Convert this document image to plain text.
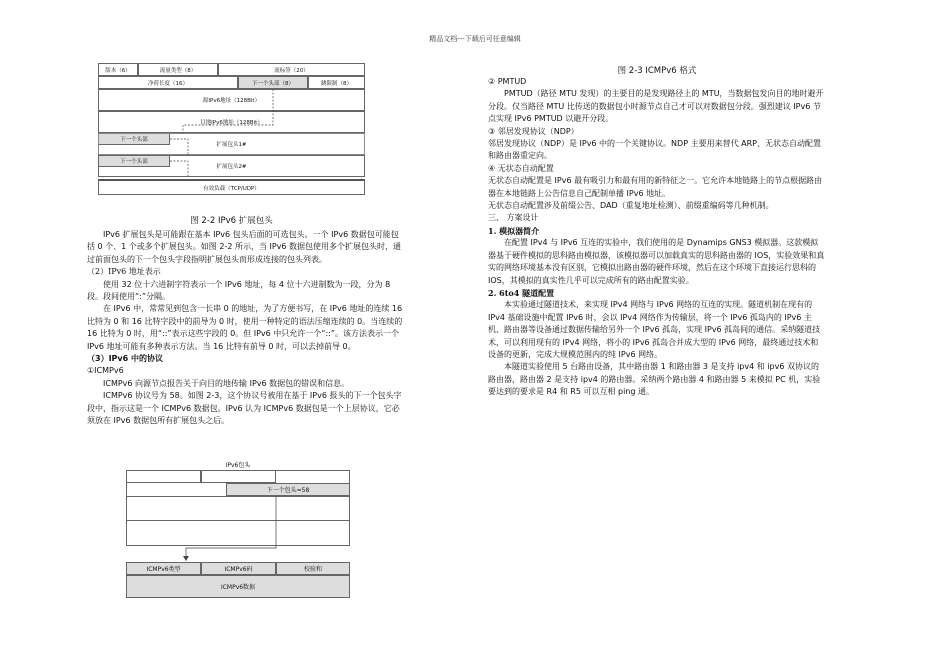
精品文档---下载后可任意编辑
版本（6）	流量类型（8）	流标签（20）
净荷长度（16）	下一个头部（8）	跳限制（8）
源IPv6地址（128Bit）
目地IPv6地址（128Bit）
下一个头部
扩展包头1#
下一个头部
扩展包头2#
有效负载（TCP/UDP）
图 2-2 IPv6 扩展包头

IPv6 扩展包头是可能跟在基本 IPv6 包头后面的可选包头。一个 IPv6 数据包可能包括 0 个、1 个或多个扩展包头。如图 2-2 所示，当 IPv6 数据包使用多个扩展包头时，通过前面包头的下一个包头字段指明扩展包头而形成连接的包头列表。

（2）IPv6 地址表示

使用 32 位十六进制字符表示一个 IPv6 地址，每 4 位十六进制数为一段，分为 8 段。段间使用“:”分隔。

在 IPv6 中，常常见到包含一长串 0 的地址，为了方便书写，在 IPv6 地址的连续 16 比特为 0 和 16 比特字段中的前导为 0 时，使用一种特定的语法压缩连续的 0。当连续的 16 比特为 0 时，用“::”表示这些字段的 0。但 IPv6 中只允许一个“::”。该方法表示一个 IPv6 地址可能有多种表示方法。当 16 比特有前导 0 时，可以去掉前导 0。

（3）IPv6 中的协议

①ICMPv6

ICMPv6 向源节点报告关于向目的地传输 IPv6 数据包的错误和信息。

ICMPv6 协议号为 58。如图 2-3，这个协议号被用在基于 IPv6 报头的下一个包头字段中，指示这是一个 ICMPv6 数据包。IPv6 认为 ICMPv6 数据包是一个上层协议，它必须放在 IPv6 数据包所有扩展包头之后。

IPv6包头
下一个包头=58
ICMPv6类型	ICMPv6码	校验和
ICMPv6数据
图 2-3 ICMPv6 格式

② PMTUD

PMTUD（路径 MTU 发现）的主要目的是发现路径上的 MTU，当数据包发向目的地时避开分段。仅当路径 MTU 比传送的数据包小时源节点自己才可以对数据包分段。强烈建议 IPv6 节点实现 IPv6 PMTUD 以避开分段。

③ 邻居发现协议（NDP）

邻居发现协议（NDP）是 IPv6 中的一个关键协议。NDP 主要用来替代 ARP、无状态自动配置和路由器重定向。

④ 无状态自动配置

无状态自动配置是 IPv6 最有吸引力和最有用的新特征之一。它允许本地链路上的节点根据路由器在本地链路上公告信息自己配制单播 IPv6 地址。

无状态自动配置涉及前缀公告、DAD（重复地址检测）、前缀重编码等几种机制。

三、 方案设计

1. 模拟器简介

在配置 IPv4 与 IPv6 互连的实验中，我们使用的是 Dynamips GNS3 模拟器。这款模拟器基于硬件模拟的思科路由模拟器，该模拟器可以加载真实的思科路由器的 IOS，实验效果和真实的网络环境基本没有区别，它模拟出路由器的硬件环境，然后在这个环境下直接运行思科的 IOS，其模拟的真实性几乎可以完成所有的路由配置实验。

2. 6to4 隧道配置

本实验通过隧道技术，来实现 IPv4 网络与 IPv6 网络的互连的实现。隧道机制在现有的 IPv4 基础设施中配置 IPv6 时，会以 IPv4 网络作为传输层，将一个 IPv6 孤岛内的 IPv6 主机、路由器等设备通过数据传输给另外一个 IPv6 孤岛，实现 IPv6 孤岛间的通信。采纳隧道技术，可以利用现有的 IPv4 网络，将小的 IPv6 孤岛合并成大型的 IPv6 网络，最终通过技术和设备的更新，完成大规模范围内的纯 IPv6 网络。

本隧道实验使用 5 台路由设备，其中路由器 1 和路由器 3 是支持 ipv4 和 ipv6 双协议的路由器，路由器 2 是支持 ipv4 的路由器。采纳两个路由器 4 和路由器 5 来模拟 PC 机，实验要达到的要求是 R4 和 R5 可以互相 ping 通。
